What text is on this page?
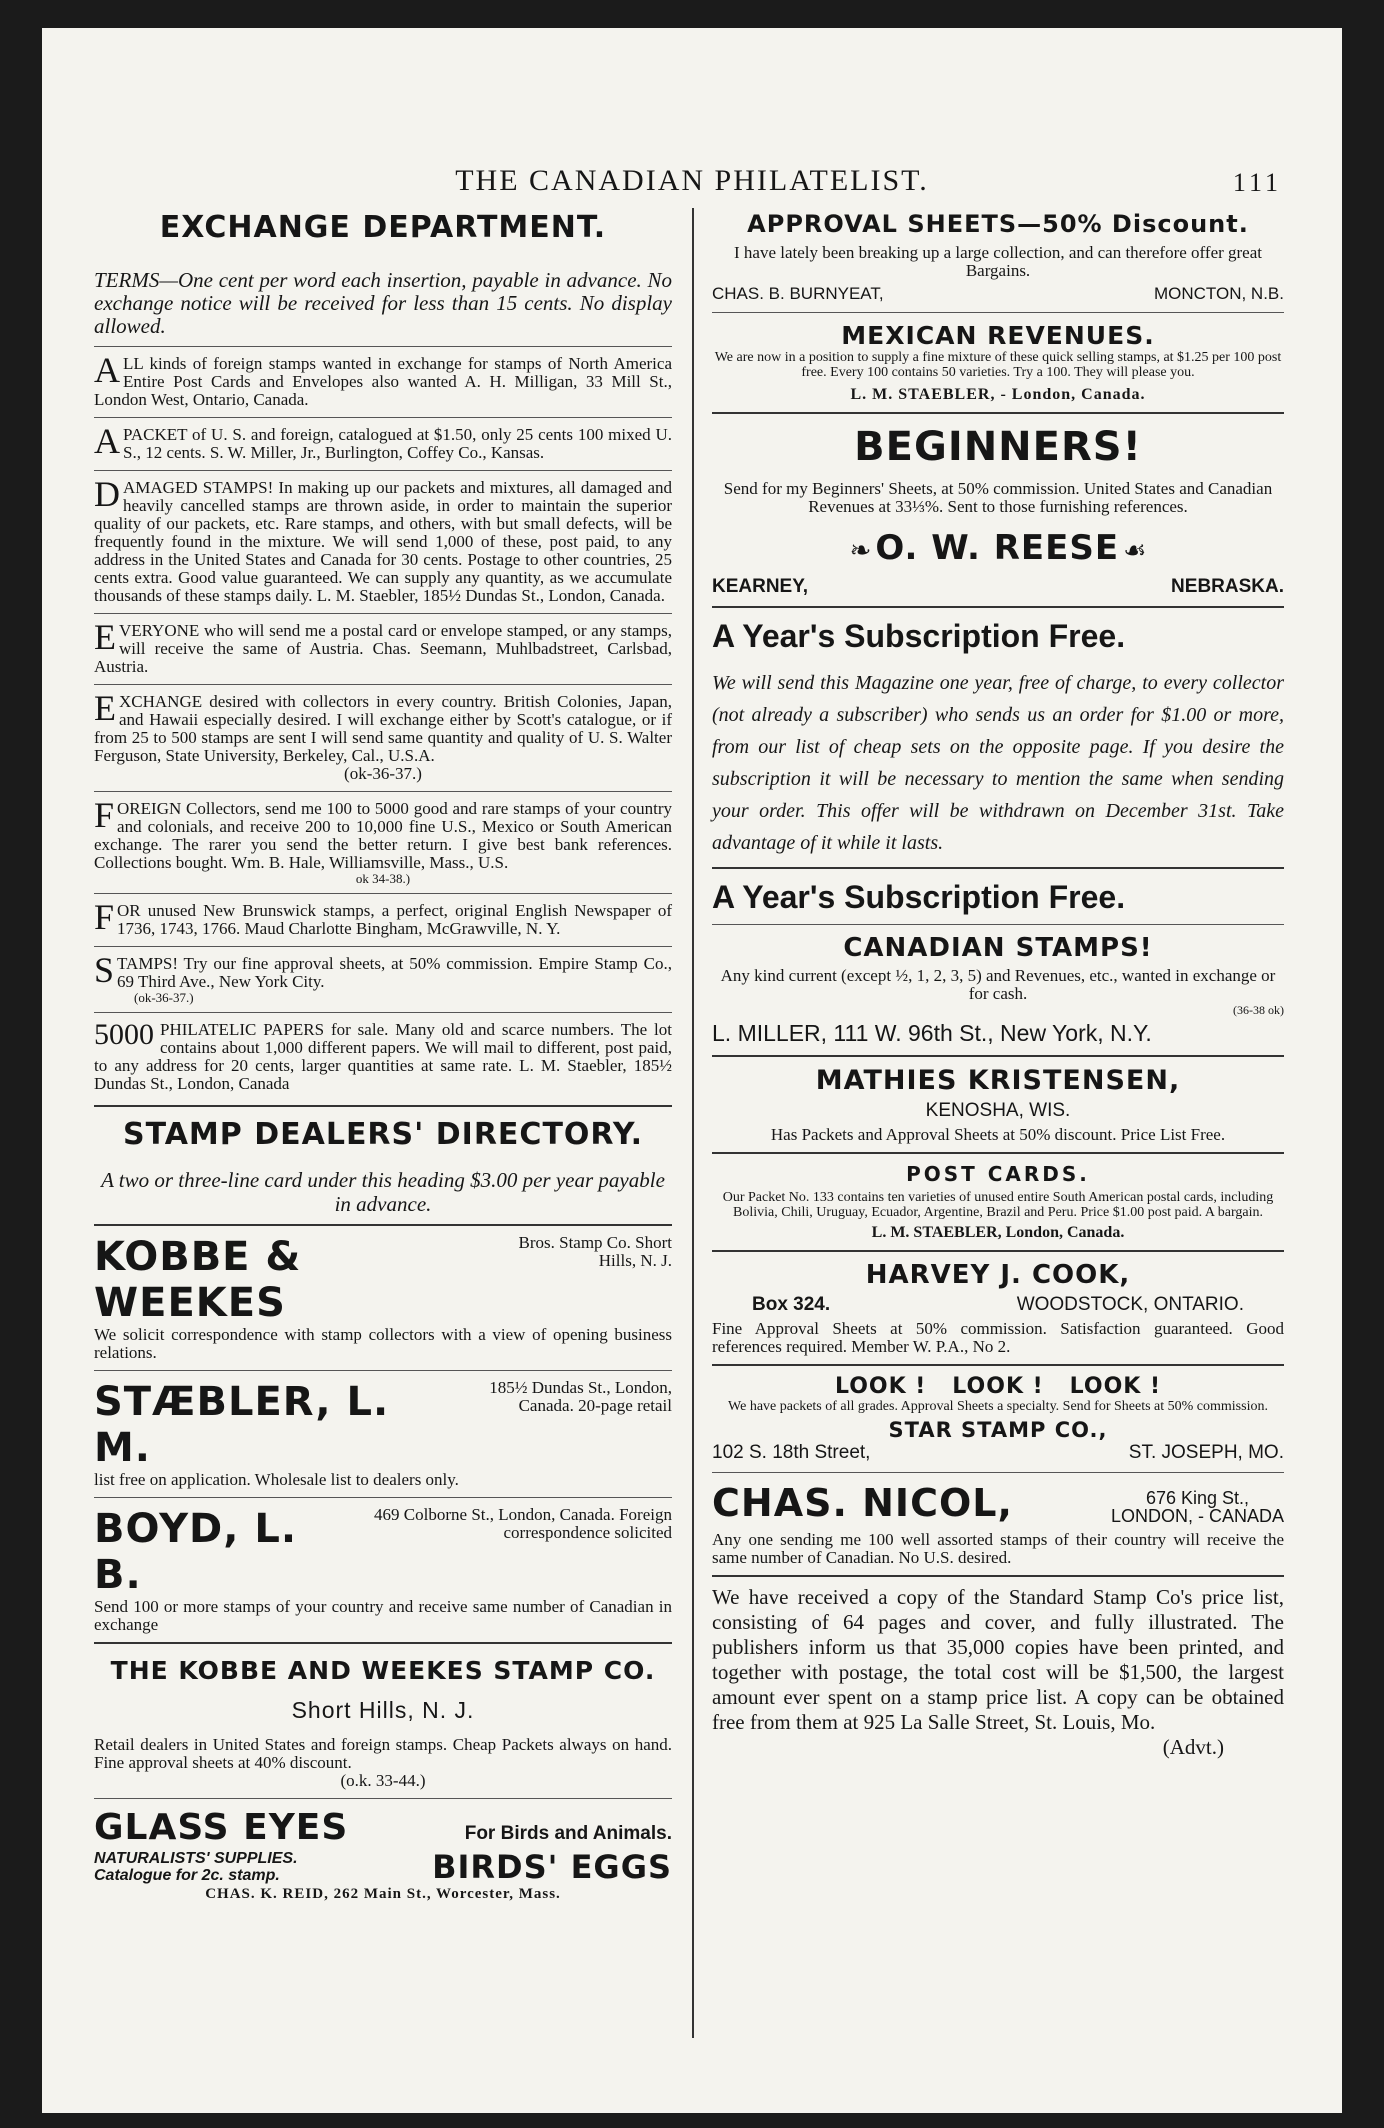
THE CANADIAN PHILATELIST.	111
EXCHANGE DEPARTMENT.
TERMS—One cent per word each insertion, payable in advance. No exchange notice will be received for less than 15 cents. No display allowed.
ALL kinds of foreign stamps wanted in exchange for stamps of North America Entire Post Cards and Envelopes also wanted A. H. Milligan, 33 Mill St., London West, Ontario, Canada.
APACKET of U. S. and foreign, catalogued at $1.50, only 25 cents 100 mixed U. S., 12 cents. S. W. Miller, Jr., Burlington, Coffey Co., Kansas.
DAMAGED STAMPS! In making up our packets and mixtures, all damaged and heavily cancelled stamps are thrown aside, in order to maintain the superior quality of our packets, etc. Rare stamps, and others, with but small defects, will be frequently found in the mixture. We will send 1,000 of these, post paid, to any address in the United States and Canada for 30 cents. Postage to other countries, 25 cents extra. Good value guaranteed. We can supply any quantity, as we accumulate thousands of these stamps daily. L. M. Staebler, 185½ Dundas St., London, Canada.
EVERYONE who will send me a postal card or envelope stamped, or any stamps, will receive the same of Austria. Chas. Seemann, Muhlbadstreet, Carlsbad, Austria.
EXCHANGE desired with collectors in every country. British Colonies, Japan, and Hawaii especially desired. I will exchange either by Scott's catalogue, or if from 25 to 500 stamps are sent I will send same quantity and quality of U. S. Walter Ferguson, State University, Berkeley, Cal., U.S.A.
(ok-36-37.)
FOREIGN Collectors, send me 100 to 5000 good and rare stamps of your country and colonials, and receive 200 to 10,000 fine U.S., Mexico or South American exchange. The rarer you send the better return. I give best bank references. Collections bought. Wm. B. Hale, Williamsville, Mass., U.S.
ok 34-38.)
FOR unused New Brunswick stamps, a perfect, original English Newspaper of 1736, 1743, 1766. Maud Charlotte Bingham, McGrawville, N. Y.
STAMPS! Try our fine approval sheets, at 50% commission. Empire Stamp Co., 69 Third Ave., New York City.
(ok-36-37.)
5000 PHILATELIC PAPERS for sale. Many old and scarce numbers. The lot contains about 1,000 different papers. We will mail to different, post paid, to any address for 20 cents, larger quantities at same rate. L. M. Staebler, 185½ Dundas St., London, Canada
STAMP DEALERS' DIRECTORY.
A two or three-line card under this heading $3.00 per year payable in advance.
KOBBE & WEEKES
Bros. Stamp Co. Short Hills, N. J.
We solicit correspondence with stamp collectors with a view of opening business relations.
STÆBLER, L. M.
185½ Dundas St., London, Canada. 20-page retail
list free on application. Wholesale list to dealers only.
BOYD, L. B.
469 Colborne St., London, Canada. Foreign correspondence solicited
Send 100 or more stamps of your country and receive same number of Canadian in exchange
THE KOBBE AND WEEKES STAMP CO.
Short Hills, N. J.
Retail dealers in United States and foreign stamps. Cheap Packets always on hand. Fine approval sheets at 40% discount.
(o.k. 33-44.)
GLASS EYES	For Birds and Animals.
NATURALISTS' SUPPLIES.
Catalogue for 2c. stamp.	BIRDS' EGGS
CHAS. K. REID, 262 Main St., Worcester, Mass.
APPROVAL SHEETS—50% Discount.
I have lately been breaking up a large collection, and can therefore offer great Bargains.
CHAS. B. BURNYEAT,	MONCTON, N.B.
MEXICAN REVENUES.
We are now in a position to supply a fine mixture of these quick selling stamps, at $1.25 per 100 post free. Every 100 contains 50 varieties. Try a 100. They will please you.
L. M. STAEBLER, - London, Canada.
BEGINNERS!
Send for my Beginners' Sheets, at 50% commission. United States and Canadian Revenues at 33⅓%. Sent to those furnishing references.
❧ O. W. REESE ☙
KEARNEY,	NEBRASKA.
A Year's Subscription Free.
We will send this Magazine one year, free of charge, to every collector (not already a subscriber) who sends us an order for $1.00 or more, from our list of cheap sets on the opposite page. If you desire the subscription it will be necessary to mention the same when sending your order. This offer will be withdrawn on December 31st. Take advantage of it while it lasts.
A Year's Subscription Free.
CANADIAN STAMPS!
Any kind current (except ½, 1, 2, 3, 5) and Revenues, etc., wanted in exchange or for cash.
(36-38 ok)
L. MILLER, 111 W. 96th St., New York, N.Y.
MATHIES KRISTENSEN,
KENOSHA, WIS.
Has Packets and Approval Sheets at 50% discount. Price List Free.
POST CARDS.
Our Packet No. 133 contains ten varieties of unused entire South American postal cards, including Bolivia, Chili, Uruguay, Ecuador, Argentine, Brazil and Peru. Price $1.00 post paid. A bargain.
L. M. STAEBLER, London, Canada.
HARVEY J. COOK,
Box 324.	WOODSTOCK, ONTARIO.
Fine Approval Sheets at 50% commission. Satisfaction guaranteed. Good references required. Member W. P.A., No 2.
LOOK !   LOOK !   LOOK !
We have packets of all grades. Approval Sheets a specialty. Send for Sheets at 50% commission.
STAR STAMP CO.,
102 S. 18th Street,	ST. JOSEPH, MO.
CHAS. NICOL,	676 King St.,
LONDON, - CANADA
Any one sending me 100 well assorted stamps of their country will receive the same number of Canadian. No U.S. desired.
We have received a copy of the Standard Stamp Co's price list, consisting of 64 pages and cover, and fully illustrated. The publishers inform us that 35,000 copies have been printed, and together with postage, the total cost will be $1,500, the largest amount ever spent on a stamp price list. A copy can be obtained free from them at 925 La Salle Street, St. Louis, Mo.
(Advt.)
